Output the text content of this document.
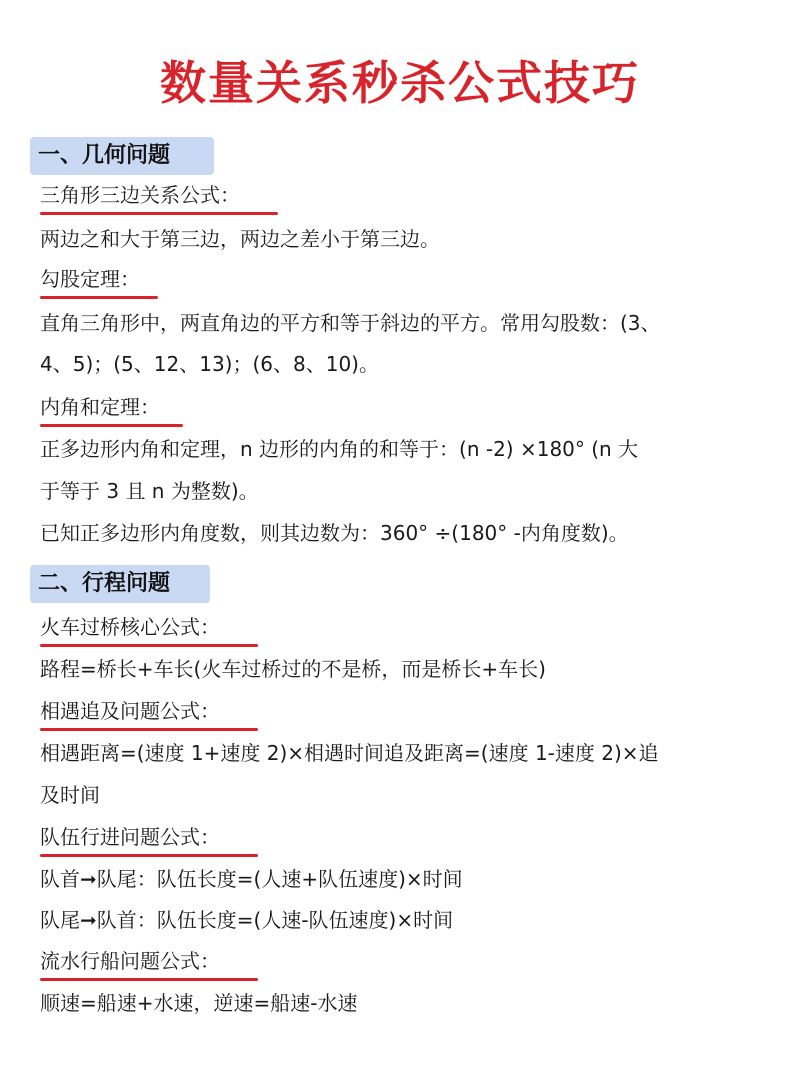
数量关系秒杀公式技巧
一、几何问题
三角形三边关系公式：
两边之和大于第三边，两边之差小于第三边。
勾股定理：
直角三角形中，两直角边的平方和等于斜边的平方。常用勾股数：(3、
4、5)；(5、12、13)；(6、8、10)。
内角和定理：
正多边形内角和定理，n 边形的内角的和等于：(n -2) ×180° (n 大
于等于 3 且 n 为整数)。
已知正多边形内角度数，则其边数为：360° ÷(180° -内角度数)。
二、行程问题
火车过桥核心公式：
路程=桥长+车长(火车过桥过的不是桥，而是桥长+车长)
相遇追及问题公式：
相遇距离=(速度 1+速度 2)×相遇时间追及距离=(速度 1-速度 2)×追
及时间
队伍行进问题公式：
队首➞队尾：队伍长度=(人速+队伍速度)×时间
队尾➞队首：队伍长度=(人速-队伍速度)×时间
流水行船问题公式：
顺速=船速+水速，逆速=船速-水速
